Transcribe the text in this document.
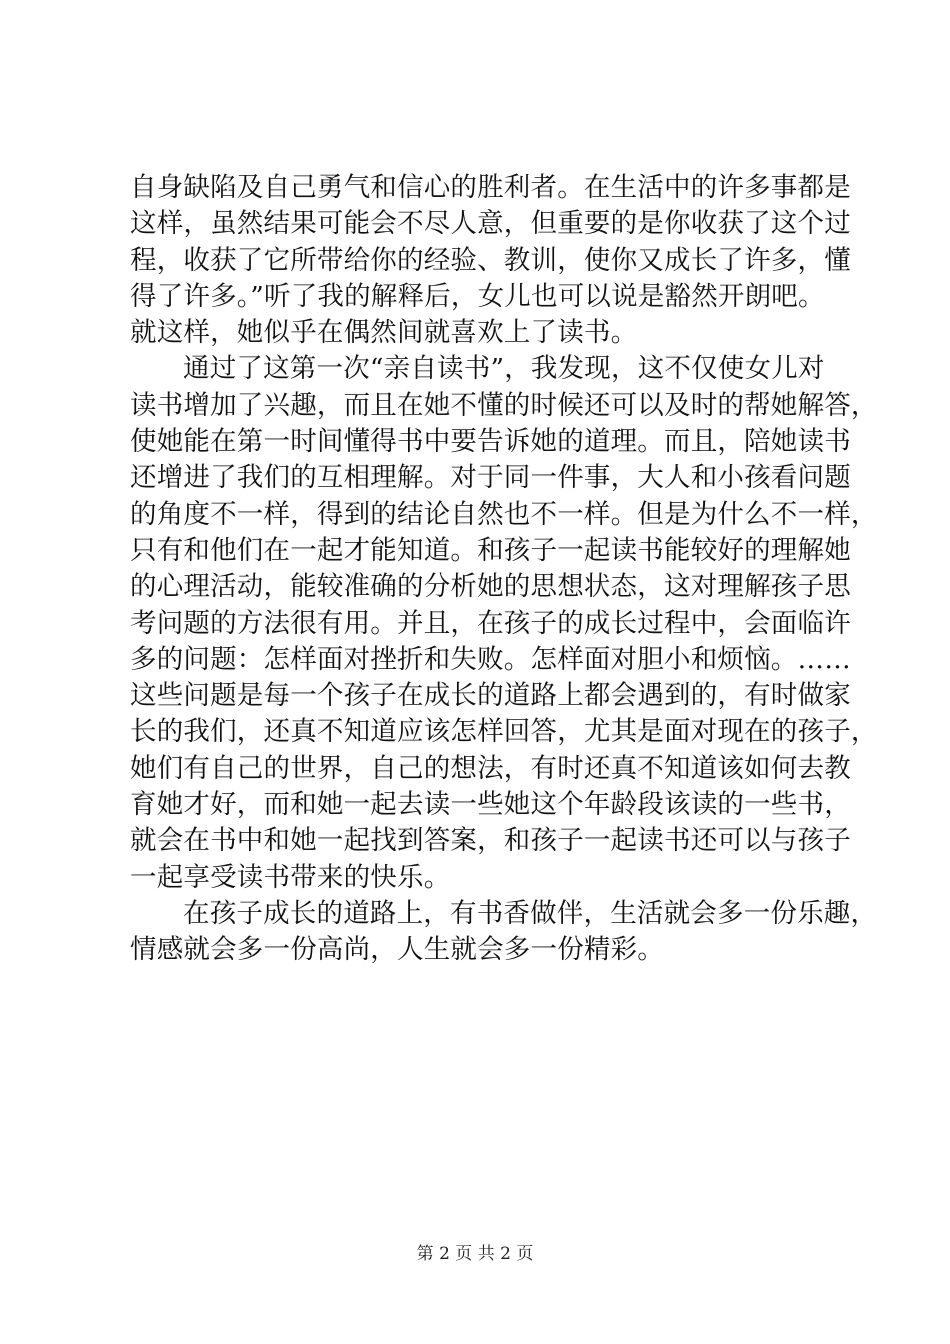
自身缺陷及自己勇气和信心的胜利者。在生活中的许多事都是
这样，虽然结果可能会不尽人意，但重要的是你收获了这个过
程，收获了它所带给你的经验、教训，使你又成长了许多，懂
得了许多。”听了我的解释后，女儿也可以说是豁然开朗吧。
就这样，她似乎在偶然间就喜欢上了读书。
通过了这第一次“亲自读书”，我发现，这不仅使女儿对
读书增加了兴趣，而且在她不懂的时候还可以及时的帮她解答，
使她能在第一时间懂得书中要告诉她的道理。而且，陪她读书
还增进了我们的互相理解。对于同一件事，大人和小孩看问题
的角度不一样，得到的结论自然也不一样。但是为什么不一样，
只有和他们在一起才能知道。和孩子一起读书能较好的理解她
的心理活动，能较准确的分析她的思想状态，这对理解孩子思
考问题的方法很有用。并且，在孩子的成长过程中，会面临许
多的问题：怎样面对挫折和失败。怎样面对胆小和烦恼。……
这些问题是每一个孩子在成长的道路上都会遇到的，有时做家
长的我们，还真不知道应该怎样回答，尤其是面对现在的孩子，
她们有自己的世界，自己的想法，有时还真不知道该如何去教
育她才好，而和她一起去读一些她这个年龄段该读的一些书，
就会在书中和她一起找到答案，和孩子一起读书还可以与孩子
一起享受读书带来的快乐。
在孩子成长的道路上，有书香做伴，生活就会多一份乐趣，
情感就会多一份高尚，人生就会多一份精彩。
第 2 页 共 2 页
